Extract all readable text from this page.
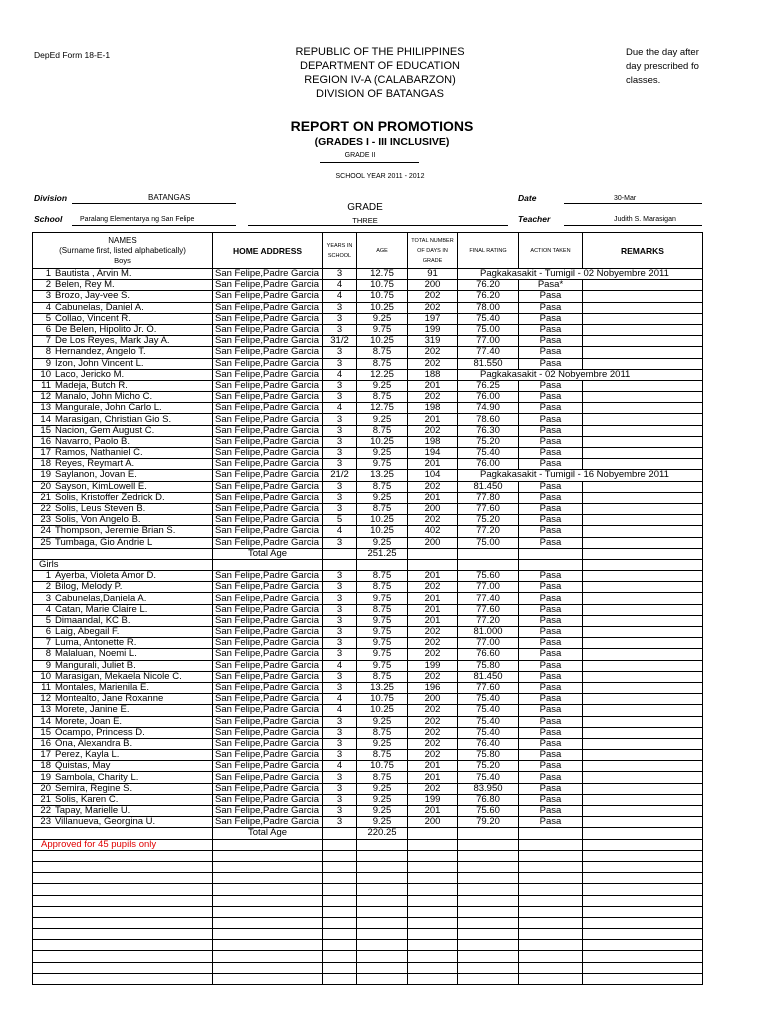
DepEd Form 18-E-1	REPUBLIC OF THE PHILIPPINES
DEPARTMENT OF EDUCATION
REGION IV-A (CALABARZON)
DIVISION OF BATANGAS
Due the day after
day prescribed fo
classes.
REPORT ON PROMOTIONS
(GRADES I - III INCLUSIVE)
GRADE II
SCHOOL YEAR 2011 - 2012
Division	BATANGAS
School	Paralang Elementarya ng San Felipe
GRADE
THREE
Date	30-Mar
Teacher	Judith S. Marasigan
NAMES
(Surname first, listed alphabetically)
Boys	HOME ADDRESS	YEARS IN SCHOOL	AGE	TOTAL NUMBER OF DAYS IN GRADE	FINAL RATING	ACTION TAKEN	REMARKS
1 Bautista , Arvin M.	San Felipe,Padre Garcia	3	12.75	91	Pagkakasakit - Tumigil - 02 Nobyembre 2011		
2 Belen, Rey M.	San Felipe,Padre Garcia	4	10.75	200	76.20	Pasa*	
3 Brozo, Jay-vee S.	San Felipe,Padre Garcia	4	10.75	202	76.20	Pasa	
4 Cabunelas, Daniel A.	San Felipe,Padre Garcia	3	10.25	202	78.00	Pasa	
5 Collao, Vincent R.	San Felipe,Padre Garcia	3	9.25	197	75.40	Pasa	
6 De Belen, Hipolito Jr. O.	San Felipe,Padre Garcia	3	9.75	199	75.00	Pasa	
7 De Los Reyes, Mark Jay A.	San Felipe,Padre Garcia	31/2	10.25	319	77.00	Pasa	
8 Hernandez, Angelo T.	San Felipe,Padre Garcia	3	8.75	202	77.40	Pasa	
9 Izon, John Vincent L.	San Felipe,Padre Garcia	3	8.75	202	81.550	Pasa	
10 Laco, Jericko M.	San Felipe,Padre Garcia	4	12.25	188	Pagkakasakit - 02 Nobyembre 2011		
11 Madeja, Butch R.	San Felipe,Padre Garcia	3	9.25	201	76.25	Pasa	
12 Manalo, John Micho C.	San Felipe,Padre Garcia	3	8.75	202	76.00	Pasa	
13 Mangurale, John Carlo L.	San Felipe,Padre Garcia	4	12.75	198	74.90	Pasa	
14 Marasigan, Christian Gio S.	San Felipe,Padre Garcia	3	9.25	201	78.60	Pasa	
15 Nacion, Gem August C.	San Felipe,Padre Garcia	3	8.75	202	76.30	Pasa	
16 Navarro, Paolo B.	San Felipe,Padre Garcia	3	10.25	198	75.20	Pasa	
17 Ramos, Nathaniel C.	San Felipe,Padre Garcia	3	9.25	194	75.40	Pasa	
18 Reyes, Reymart A.	San Felipe,Padre Garcia	3	9.75	201	76.00	Pasa	
19 Saylanon, Jovan E.	San Felipe,Padre Garcia	21/2	13.25	104	Pagkakasakit - Tumigil - 16 Nobyembre 2011		
20 Sayson, KimLowell E.	San Felipe,Padre Garcia	3	8.75	202	81.450	Pasa	
21 Solis, Kristoffer Zedrick D.	San Felipe,Padre Garcia	3	9.25	201	77.80	Pasa	
22 Solis, Leus Steven B.	San Felipe,Padre Garcia	3	8.75	200	77.60	Pasa	
23 Solis, Von Angelo B.	San Felipe,Padre Garcia	5	10.25	202	75.20	Pasa	
24 Thompson, Jeremie Brian S.	San Felipe,Padre Garcia	4	10.25	402	77.20	Pasa	
25 Tumbaga, Gio Andrie L	San Felipe,Padre Garcia	3	9.25	200	75.00	Pasa	
	Total Age		251.25				
Girls							
1 Ayerba, Violeta Amor D.	San Felipe,Padre Garcia	3	8.75	201	75.60	Pasa	
2 Bilog, Melody P.	San Felipe,Padre Garcia	3	8.75	202	77.00	Pasa	
3 Cabunelas,Daniela A.	San Felipe,Padre Garcia	3	9.75	201	77.40	Pasa	
4 Catan, Marie Claire L.	San Felipe,Padre Garcia	3	8.75	201	77.60	Pasa	
5 Dimaandal, KC B.	San Felipe,Padre Garcia	3	9.75	201	77.20	Pasa	
6 Laig, Abegail F.	San Felipe,Padre Garcia	3	9.75	202	81.000	Pasa	
7 Luma, Antonette R.	San Felipe,Padre Garcia	3	9.75	202	77.00	Pasa	
8 Malaluan, Noemi L.	San Felipe,Padre Garcia	3	9.75	202	76.60	Pasa	
9 Mangurali, Juliet B.	San Felipe,Padre Garcia	4	9.75	199	75.80	Pasa	
10 Marasigan, Mekaela Nicole C.	San Felipe,Padre Garcia	3	8.75	202	81.450	Pasa	
11 Montales, Marienila E.	San Felipe,Padre Garcia	3	13.25	196	77.60	Pasa	
12 Montealto, Jane Roxanne	San Felipe,Padre Garcia	4	10.75	200	75.40	Pasa	
13 Morete, Janine E.	San Felipe,Padre Garcia	4	10.25	202	75.40	Pasa	
14 Morete, Joan E.	San Felipe,Padre Garcia	3	9.25	202	75.40	Pasa	
15 Ocampo, Princess D.	San Felipe,Padre Garcia	3	8.75	202	75.40	Pasa	
16 Ona, Alexandra B.	San Felipe,Padre Garcia	3	9.25	202	76.40	Pasa	
17 Perez, Kayla L.	San Felipe,Padre Garcia	3	8.75	202	75.80	Pasa	
18 Quistas, May	San Felipe,Padre Garcia	4	10.75	201	75.20	Pasa	
19 Sambola, Charity L.	San Felipe,Padre Garcia	3	8.75	201	75.40	Pasa	
20 Semira, Regine S.	San Felipe,Padre Garcia	3	9.25	202	83.950	Pasa	
21 Solis, Karen C.	San Felipe,Padre Garcia	3	9.25	199	76.80	Pasa	
22 Tapay, Marielle U.	San Felipe,Padre Garcia	3	9.25	201	75.60	Pasa	
23 Villanueva, Georgina U.	San Felipe,Padre Garcia	3	9.25	200	79.20	Pasa	
	Total Age		220.25				
Approved for 45 pupils only							
